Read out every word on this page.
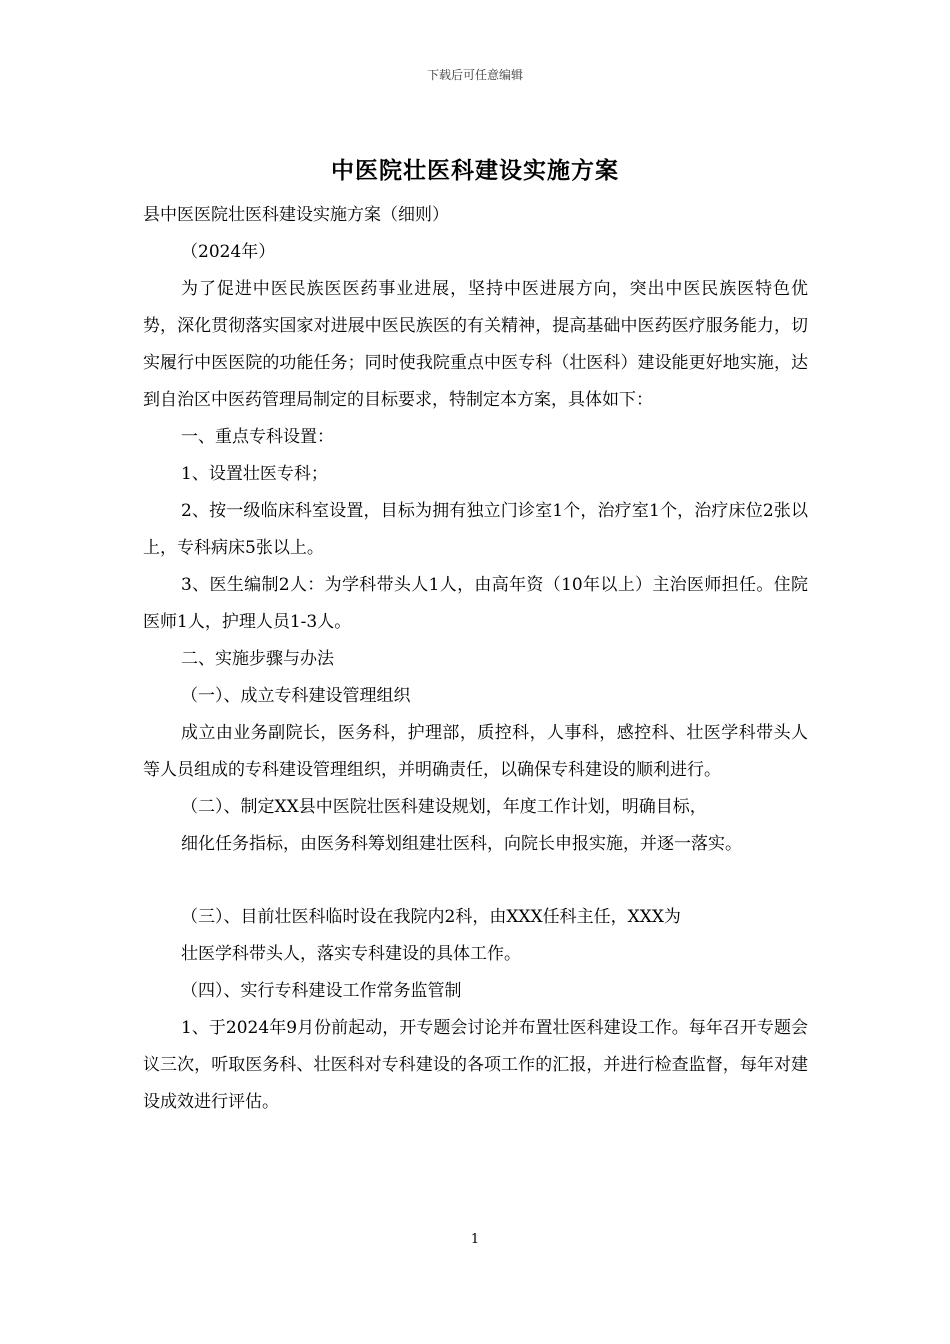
下载后可任意编辑
中医院壮医科建设实施方案

县中医医院壮医科建设实施方案（细则）

（2024年）

为了促进中医民族医医药事业进展，坚持中医进展方向，突出中医民族医特色优势，深化贯彻落实国家对进展中医民族医的有关精神，提高基础中医药医疗服务能力，切实履行中医医院的功能任务；同时使我院重点中医专科（壮医科）建设能更好地实施，达到自治区中医药管理局制定的目标要求，特制定本方案，具体如下：

一、重点专科设置：

1、设置壮医专科；

2、按一级临床科室设置，目标为拥有独立门诊室1个，治疗室1个，治疗床位2张以上，专科病床5张以上。

3、医生编制2人：为学科带头人1人，由高年资（10年以上）主治医师担任。住院医师1人，护理人员1-3人。

二、实施步骤与办法

（一）、成立专科建设管理组织

成立由业务副院长，医务科，护理部，质控科，人事科，感控科、壮医学科带头人等人员组成的专科建设管理组织，并明确责任，以确保专科建设的顺利进行。

（二）、制定XX县中医院壮医科建设规划，年度工作计划，明确目标，

细化任务指标，由医务科筹划组建壮医科，向院长申报实施，并逐一落实。

（三）、目前壮医科临时设在我院内2科，由XXX任科主任，XXX为

壮医学科带头人，落实专科建设的具体工作。

（四）、实行专科建设工作常务监管制

1、于2024年9月份前起动，开专题会讨论并布置壮医科建设工作。每年召开专题会议三次，听取医务科、壮医科对专科建设的各项工作的汇报，并进行检查监督，每年对建设成效进行评估。

1
